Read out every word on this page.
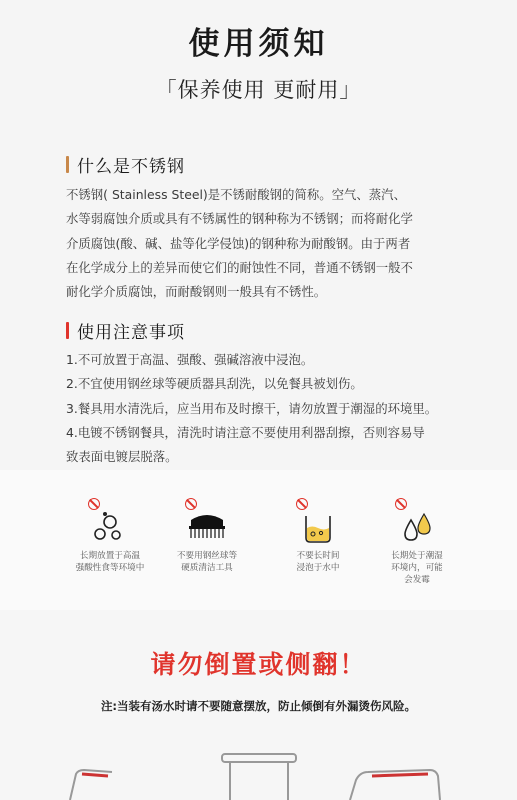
使用须知
「保养使用 更耐用」
什么是不锈钢
不锈钢( Stainless Steel)是不锈耐酸钢的简称。空气、蒸汽、
水等弱腐蚀介质或具有不锈属性的钢种称为不锈钢；而将耐化学
介质腐蚀(酸、碱、盐等化学侵蚀)的钢种称为耐酸钢。由于两者
在化学成分上的差异而使它们的耐蚀性不同，普通不锈钢一般不
耐化学介质腐蚀，而耐酸钢则一般具有不锈性。
使用注意事项
1.不可放置于高温、强酸、强碱溶液中浸泡。
2.不宜使用钢丝球等硬质器具刮洗，以免餐具被划伤。
3.餐具用水清洗后，应当用布及时擦干，请勿放置于潮湿的环境里。
4.电镀不锈钢餐具，清洗时请注意不要使用利器刮擦，否则容易导
致表面电镀层脱落。
长期放置于高温
强酸性食等环境中
不要用钢丝球等
硬质清洁工具
不要长时间
浸泡于水中
长期处于潮湿
环境内，可能
会发霉
请勿倒置或侧翻！
注:当装有汤水时请不要随意摆放，防止倾倒有外漏烫伤风险。
